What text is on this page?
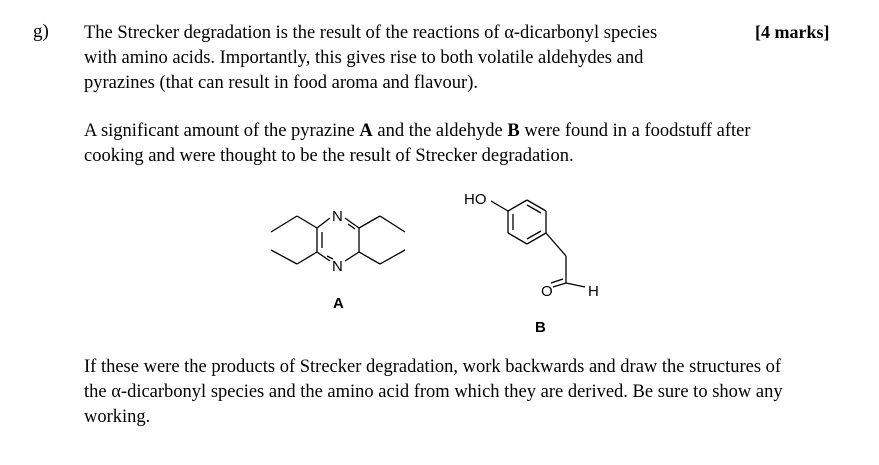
g)	[4 marks]
The Strecker degradation is the result of the reactions of α-dicarbonyl species
with amino acids. Importantly, this gives rise to both volatile aldehydes and
pyrazines (that can result in food aroma and flavour).
A significant amount of the pyrazine A and the aldehyde B were found in a foodstuff after
cooking and were thought to be the result of Strecker degradation.
N
N
A
HO
O H
B
If these were the products of Strecker degradation, work backwards and draw the structures of
the α-dicarbonyl species and the amino acid from which they are derived. Be sure to show any
working.
